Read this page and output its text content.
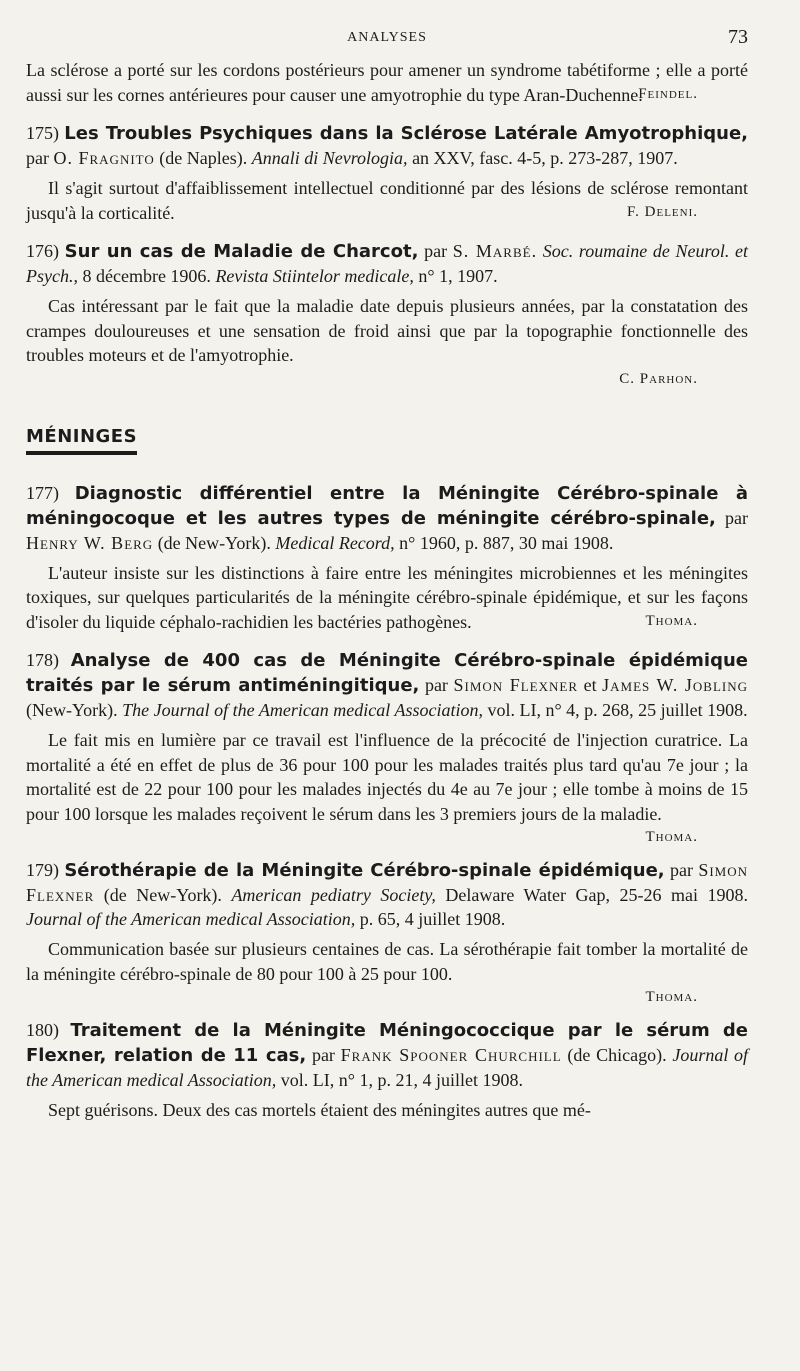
ANALYSES	73

La sclérose a porté sur les cordons postérieurs pour amener un syndrome tabétiforme ; elle a porté aussi sur les cornes antérieures pour causer une amyotrophie du type Aran-Duchenne.

Feindel.

175) Les Troubles Psychiques dans la Sclérose Latérale Amyotrophique, par O. Fragnito (de Naples). Annali di Nevrologia, an XXV, fasc. 4-5, p. 273-287, 1907.

Il s'agit surtout d'affaiblissement intellectuel conditionné par des lésions de sclérose remontant jusqu'à la corticalité.	F. Deleni.

176) Sur un cas de Maladie de Charcot, par S. Marbé. Soc. roumaine de Neurol. et Psych., 8 décembre 1906. Revista Stiintelor medicale, n° 1, 1907.

Cas intéressant par le fait que la maladie date depuis plusieurs années, par la constatation des crampes douloureuses et une sensation de froid ainsi que par la topographie fonctionnelle des troubles moteurs et de l'amyotrophie.

C. Parhon.
MÉNINGES

177) Diagnostic différentiel entre la Méningite Cérébro-spinale à méningocoque et les autres types de méningite cérébro-spinale, par Henry W. Berg (de New-York). Medical Record, n° 1960, p. 887, 30 mai 1908.

L'auteur insiste sur les distinctions à faire entre les méningites microbiennes et les méningites toxiques, sur quelques particularités de la méningite cérébro-spinale épidémique, et sur les façons d'isoler du liquide céphalo-rachidien les bactéries pathogènes.	Thoma.

178) Analyse de 400 cas de Méningite Cérébro-spinale épidémique traités par le sérum antiméningitique, par Simon Flexner et James W. Jobling (New-York). The Journal of the American medical Association, vol. LI, n° 4, p. 268, 25 juillet 1908.

Le fait mis en lumière par ce travail est l'influence de la précocité de l'injection curatrice. La mortalité a été en effet de plus de 36 pour 100 pour les malades traités plus tard qu'au 7e jour ; la mortalité est de 22 pour 100 pour les malades injectés du 4e au 7e jour ; elle tombe à moins de 15 pour 100 lorsque les malades reçoivent le sérum dans les 3 premiers jours de la maladie.

Thoma.

179) Sérothérapie de la Méningite Cérébro-spinale épidémique, par Simon Flexner (de New-York). American pediatry Society, Delaware Water Gap, 25-26 mai 1908. Journal of the American medical Association, p. 65, 4 juillet 1908.

Communication basée sur plusieurs centaines de cas. La sérothérapie fait tomber la mortalité de la méningite cérébro-spinale de 80 pour 100 à 25 pour 100.

Thoma.

180) Traitement de la Méningite Méningococcique par le sérum de Flexner, relation de 11 cas, par Frank Spooner Churchill (de Chicago). Journal of the American medical Association, vol. LI, n° 1, p. 21, 4 juillet 1908.

Sept guérisons. Deux des cas mortels étaient des méningites autres que mé-
